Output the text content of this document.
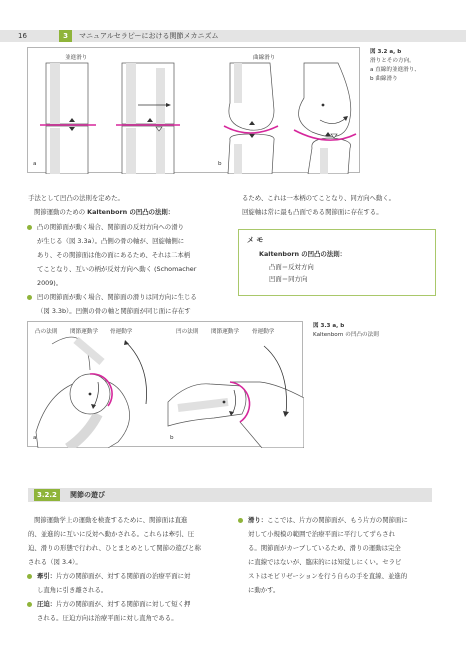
16	3	マニュアルセラピーにおける関節メカニズム
並進滑り	曲線滑り
a	b
図 3.2 a, b
滑りとその方向。
a 直線的並進滑り、
b 曲線滑り
手法として凹凸の法則を定めた。
関節運動のための Kaltenborn の凹凸の法則：
凸の関節面が動く場合、関節面の反対方向への滑り
が生じる（図 3.3a）。凸側の骨の軸が、回旋軸側に
あり、その関節面は他の面にあるため、それは二本柄
てことなり、互いの柄が反対方向へ動く (Schomacher
2009)。
凹の関節面が動く場合、関節面の滑りは同方向に生じる
（図 3.3b）。凹側の骨の軸と関節面が同じ面に存在す
るため、これは一本柄のてことなり、同方向へ動く。
回旋軸は常に最も凸面である関節面に存在する。
メ モ
Kaltenborn の凹凸の法則：
凸面＝反対方向
凹面＝同方向
凸の法則 関節運動学 骨運動学	凹の法則 関節運動学 骨運動学
a	b
図 3.3 a, b
Kaltenborn の凹凸の法則
3.2.2	関節の遊び
関節運動学上の運動を検査するために、関節面は直進
的、並進的に互いに反対へ動かされる。これらは牽引、圧
迫、滑りの形態で行われ、ひとまとめとして関節の遊びと称
される（図 3.4）。
牽引：片方の関節面が、対する関節面の治療平面に対
し直角に引き離される。
圧迫：片方の関節面が、対する関節面に対して短く押
される。圧迫方向は治療平面に対し直角である。
滑り：ここでは、片方の関節面が、もう片方の関節面に
対して小規模の範囲で治療平面に平行してずらされ
る。関節面がカーブしているため、滑りの運動は完全
に直線ではないが、臨床的には知覚しにくい。セラピ
ストはモビリゼーションを行う自らの手を直線、並進的
に動かす。
